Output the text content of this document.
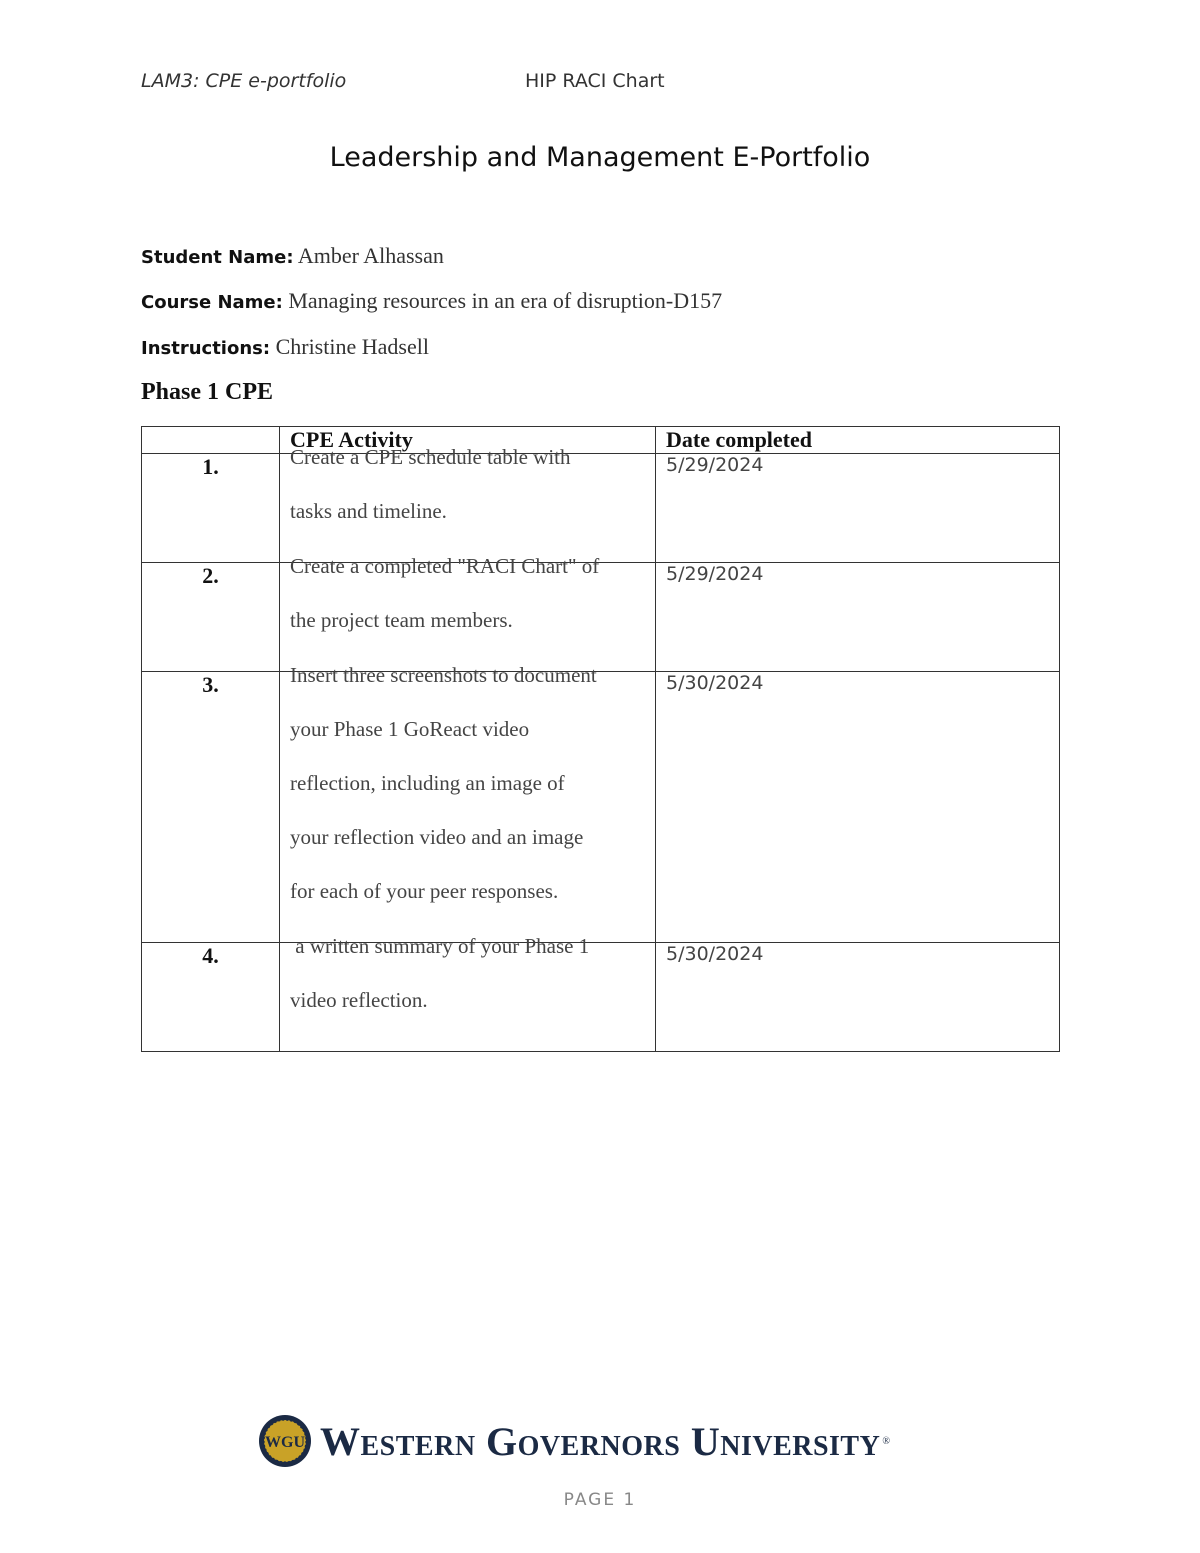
LAM3: CPE e-portfolio	HIP RACI Chart
Leadership and Management E-Portfolio
Student Name: Amber Alhassan
Course Name: Managing resources in an era of disruption-D157
Instructions: Christine Hadsell
Phase 1 CPE
	CPE Activity	Date completed
1.	Create a CPE schedule table with
tasks and timeline.	5/29/2024
2.	Create a completed "RACI Chart" of
the project team members.	5/29/2024
3.	Insert three screenshots to document
your Phase 1 GoReact video
reflection, including an image of
your reflection video and an image
for each of your peer responses.	5/30/2024
4.	a written summary of your Phase 1
video reflection.	5/30/2024
WGU Western Governors University ®
PAGE 1
